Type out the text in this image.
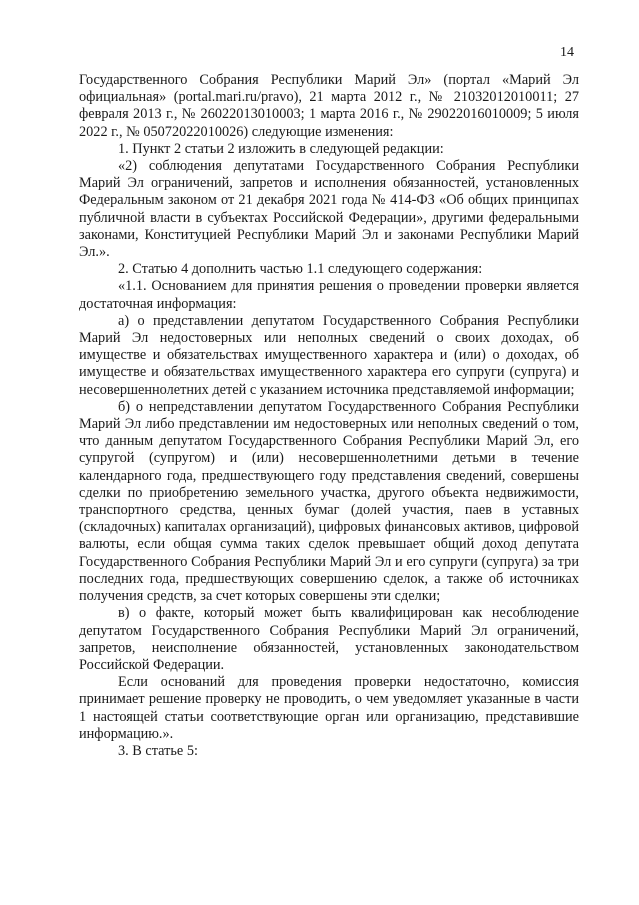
14

Государственного Собрания Республики Марий Эл» (портал «Марий Эл официальная» (portal.mari.ru/pravo), 21 марта 2012 г., № 21032012010011; 27 февраля 2013 г., № 26022013010003; 1 марта 2016 г., № 29022016010009; 5 июля 2022 г., № 05072022010026) следующие изменения:

1. Пункт 2 статьи 2 изложить в следующей редакции:

«2) соблюдения депутатами Государственного Собрания Республики Марий Эл ограничений, запретов и исполнения обязанностей, установленных Федеральным законом от 21 декабря 2021 года № 414-ФЗ «Об общих принципах публичной власти в субъектах Российской Федерации», другими федеральными законами, Конституцией Республики Марий Эл и законами Республики Марий Эл.».

2. Статью 4 дополнить частью 1.1 следующего содержания:

«1.1. Основанием для принятия решения о проведении проверки является достаточная информация:

а) о представлении депутатом Государственного Собрания Республики Марий Эл недостоверных или неполных сведений о своих доходах, об имуществе и обязательствах имущественного характера и (или) о доходах, об имуществе и обязательствах имущественного характера его супруги (супруга) и несовершеннолетних детей с указанием источника представляемой информации;

б) о непредставлении депутатом Государственного Собрания Республики Марий Эл либо представлении им недостоверных или неполных сведений о том, что данным депутатом Государственного Собрания Республики Марий Эл, его супругой (супругом) и (или) несовершеннолетними детьми в течение календарного года, предшествующего году представления сведений, совершены сделки по приобретению земельного участка, другого объекта недвижимости, транспортного средства, ценных бумаг (долей участия, паев в уставных (складочных) капиталах организаций), цифровых финансовых активов, цифровой валюты, если общая сумма таких сделок превышает общий доход депутата Государственного Собрания Республики Марий Эл и его супруги (супруга) за три последних года, предшествующих совершению сделок, а также об источниках получения средств, за счет которых совершены эти сделки;

в) о факте, который может быть квалифицирован как несоблюдение депутатом Государственного Собрания Республики Марий Эл ограничений, запретов, неисполнение обязанностей, установленных законодательством Российской Федерации.

Если оснований для проведения проверки недостаточно, комиссия принимает решение проверку не проводить, о чем уведомляет указанные в части 1 настоящей статьи соответствующие орган или организацию, представившие информацию.».

3. В статье 5:
